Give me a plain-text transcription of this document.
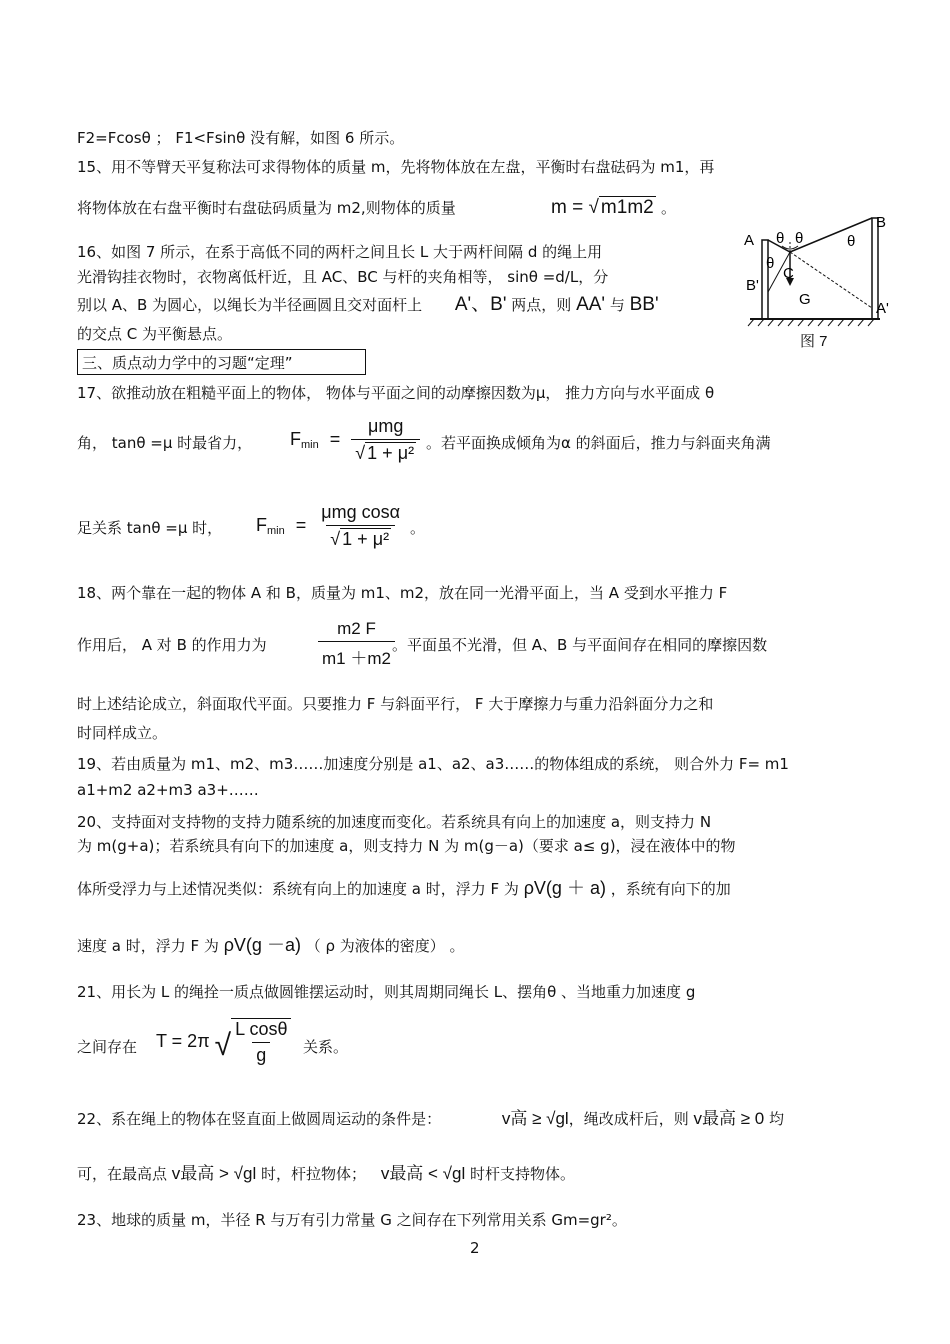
F2=Fcosθ ； F1<Fsinθ 没有解，如图 6 所示。
15、用不等臂天平复称法可求得物体的质量 m，先将物体放在左盘，平衡时右盘砝码为 m1，再
将物体放在右盘平衡时右盘砝码质量为 m2,则物体的质量	m = √ m1m2 。
16、如图 7 所示，在系于高低不同的两杆之间且长 L 大于两杆间隔 d 的绳上用
光滑钩挂衣物时，衣物离低杆近，且 AC、BC 与杆的夹角相等， sinθ =d/L，分
别以 A、B 为圆心，以绳长为半径画圆且交对面杆上 A'、B' 两点，则 AA' 与 BB'
的交点 C 为平衡悬点。
三、质点动力学中的习题“定理”
A
B
B'
A'
C
G
θ θ	θ
θ
图 7
17、欲推动放在粗糙平面上的物体， 物体与平面之间的动摩擦因数为μ， 推力方向与水平面成 θ
角， tanθ =μ 时最省力， $F_{min} = \frac{\text{μmg}}{\text{√ 1 + μ²}}$ 。若平面换成倾角为α 的斜面后，推力与斜面夹角满
足关系 tanθ =μ 时， $F_{min} = \frac{\text{μmg cosα}}{\text{√ 1 + μ²}}$ 。
18、两个靠在一起的物体 A 和 B，质量为 m1、m2，放在同一光滑平面上，当 A 受到水平推力 F
作用后， A 对 B 的作用力为	$\frac{m2 F}{m1 +m2}$
。平面虽不光滑，但 A、B 与平面间存在相同的摩擦因数
时上述结论成立，斜面取代平面。只要推力 F 与斜面平行， F 大于摩擦力与重力沿斜面分力之和
时同样成立。
19、若由质量为 m1、m2、m3……加速度分别是 a1、a2、a3……的物体组成的系统， 则合外力 F= m1
a1+m2 a2+m3 a3+……
20、支持面对支持物的支持力随系统的加速度而变化。若系统具有向上的加速度 a，则支持力 N
为 m(g+a)；若系统具有向下的加速度 a，则支持力 N 为 m(g－a)（要求 a≤ g)，浸在液体中的物
体所受浮力与上述情况类似：系统有向上的加速度 a 时，浮力 F 为 ρV(g ＋ a) ，系统有向下的加
速度 a 时，浮力 F 为 ρV(g －a) （ ρ 为液体的密度） 。
21、用长为 L 的绳拴一质点做圆锥摆运动时，则其周期同绳长 L、摆角θ 、当地重力加速度 g
之间存在 T = 2π √ $\frac{\text{L cosθ}}{g}$ 关系。
22、系在绳上的物体在竖直面上做圆周运动的条件是：	v高 ≥ √gl，绳改成杆后，则 v最高 ≥ 0 均
可，在最高点 v最高 > √gl 时，杆拉物体； v最高 < √gl 时杆支持物体。
23、地球的质量 m，半径 R 与万有引力常量 G 之间存在下列常用关系 Gm=gr²。
2
